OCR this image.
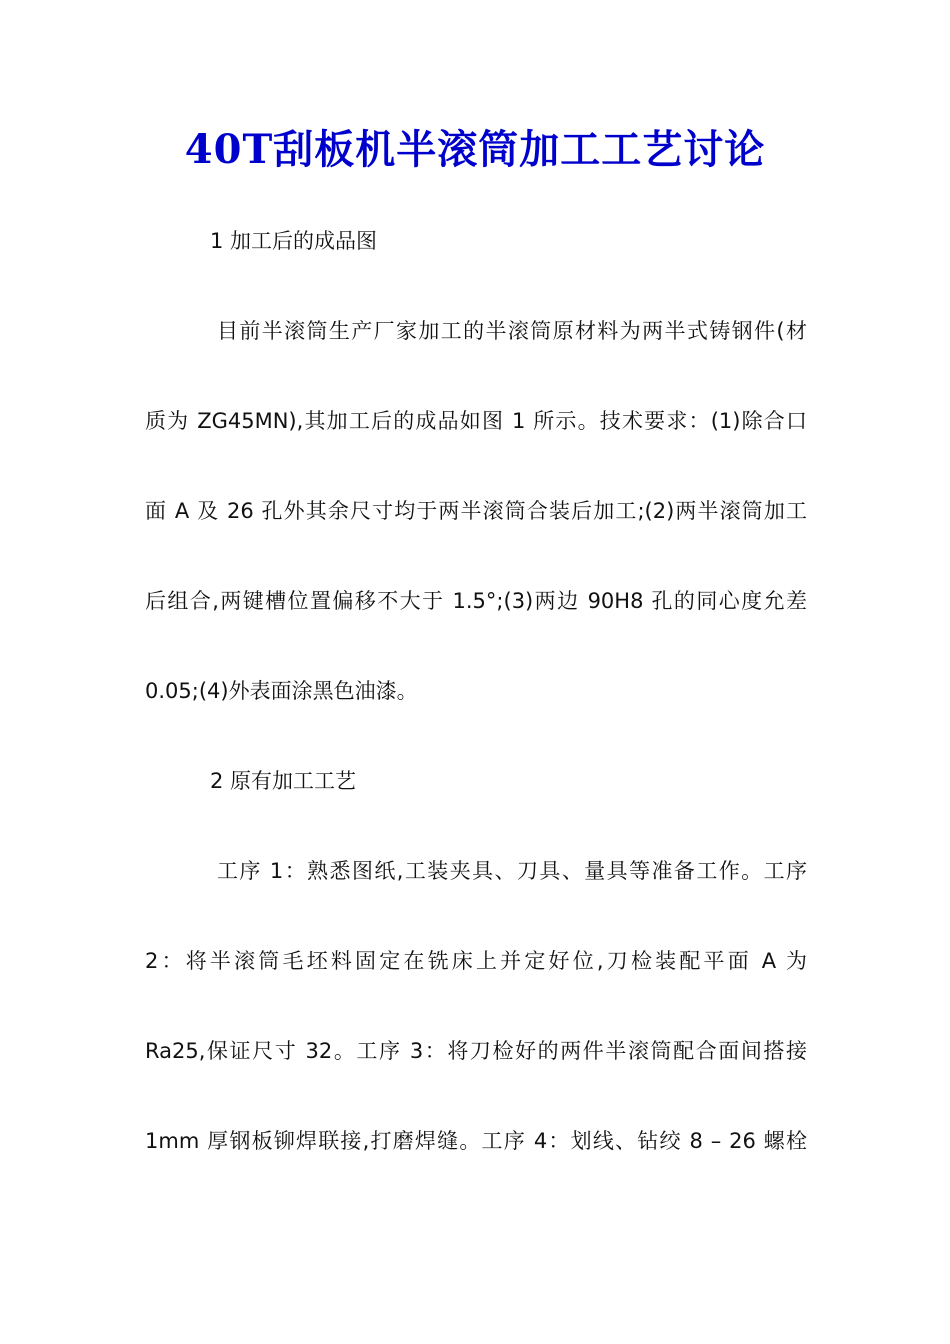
40T刮板机半滚筒加工工艺讨论
1 加工后的成品图
目前半滚筒生产厂家加工的半滚筒原材料为两半式铸钢件(材
质为 ZG45MN),其加工后的成品如图 1 所示。技术要求：(1)除合口
面 A 及 26 孔外其余尺寸均于两半滚筒合装后加工;(2)两半滚筒加工
后组合,两键槽位置偏移不大于 1.5°;(3)两边 90H8 孔的同心度允差
0.05;(4)外表面涂黑色油漆。
2 原有加工工艺
工序 1：熟悉图纸,工装夹具、刀具、量具等准备工作。工序
2：将半滚筒毛坯料固定在铣床上并定好位,刀检装配平面 A 为
Ra25,保证尺寸 32。工序 3：将刀检好的两件半滚筒配合面间搭接
1mm 厚钢板铆焊联接,打磨焊缝。工序 4：划线、钻绞 8 – 26 螺栓
